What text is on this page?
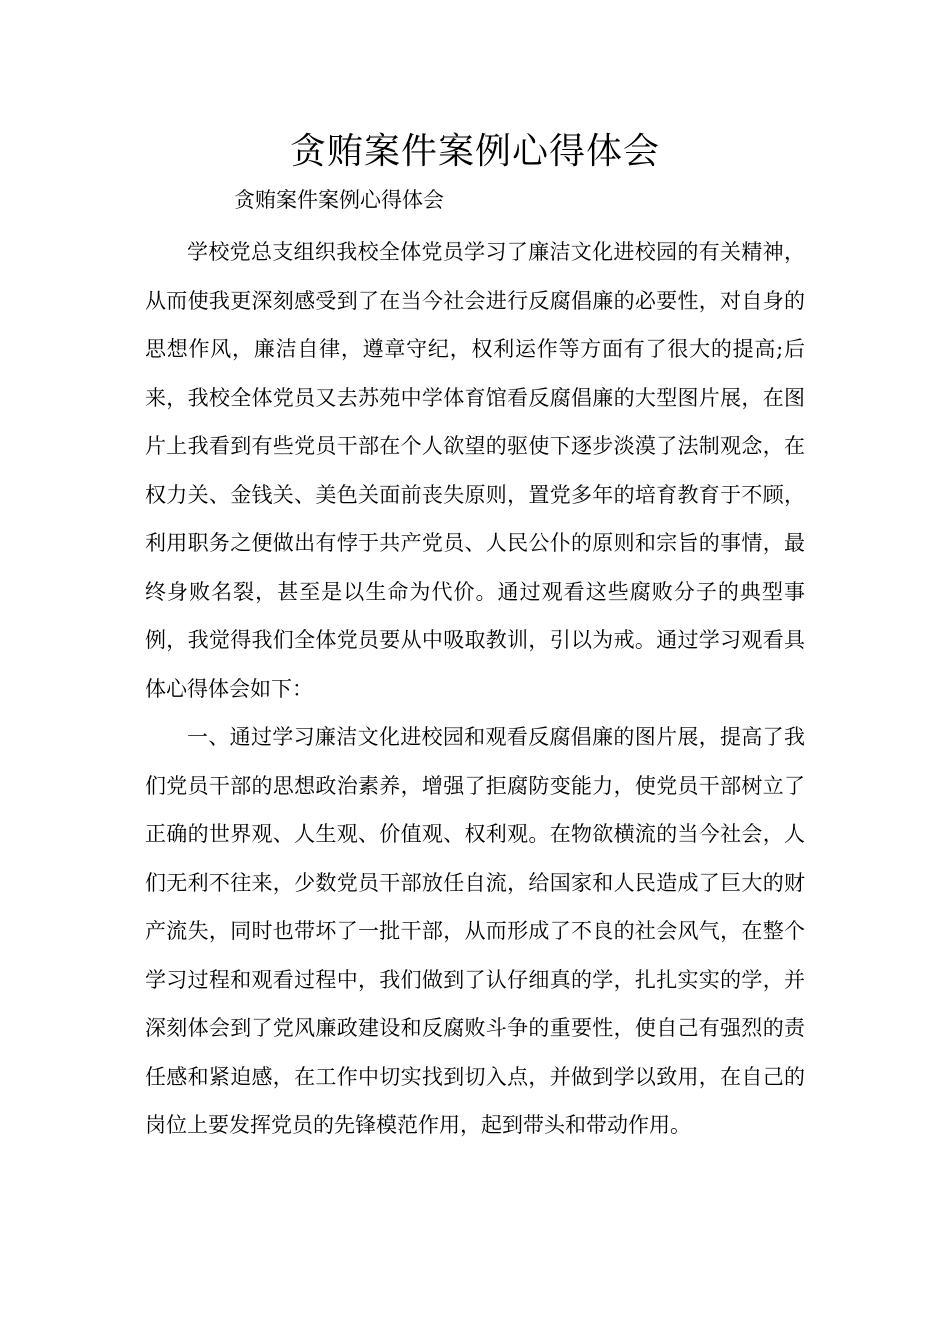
贪贿案件案例心得体会
贪贿案件案例心得体会

学校党总支组织我校全体党员学习了廉洁文化进校园的有关精神，从而使我更深刻感受到了在当今社会进行反腐倡廉的必要性，对自身的思想作风，廉洁自律，遵章守纪，权利运作等方面有了很大的提高;后来，我校全体党员又去苏苑中学体育馆看反腐倡廉的大型图片展，在图片上我看到有些党员干部在个人欲望的驱使下逐步淡漠了法制观念，在权力关、金钱关、美色关面前丧失原则，置党多年的培育教育于不顾，利用职务之便做出有悖于共产党员、人民公仆的原则和宗旨的事情，最终身败名裂，甚至是以生命为代价。通过观看这些腐败分子的典型事例，我觉得我们全体党员要从中吸取教训，引以为戒。通过学习观看具体心得体会如下：

一、通过学习廉洁文化进校园和观看反腐倡廉的图片展，提高了我们党员干部的思想政治素养，增强了拒腐防变能力，使党员干部树立了正确的世界观、人生观、价值观、权利观。在物欲横流的当今社会，人们无利不往来，少数党员干部放任自流，给国家和人民造成了巨大的财产流失，同时也带坏了一批干部，从而形成了不良的社会风气，在整个学习过程和观看过程中，我们做到了认仔细真的学，扎扎实实的学，并深刻体会到了党风廉政建设和反腐败斗争的重要性，使自己有强烈的责任感和紧迫感，在工作中切实找到切入点，并做到学以致用，在自己的岗位上要发挥党员的先锋模范作用，起到带头和带动作用。
